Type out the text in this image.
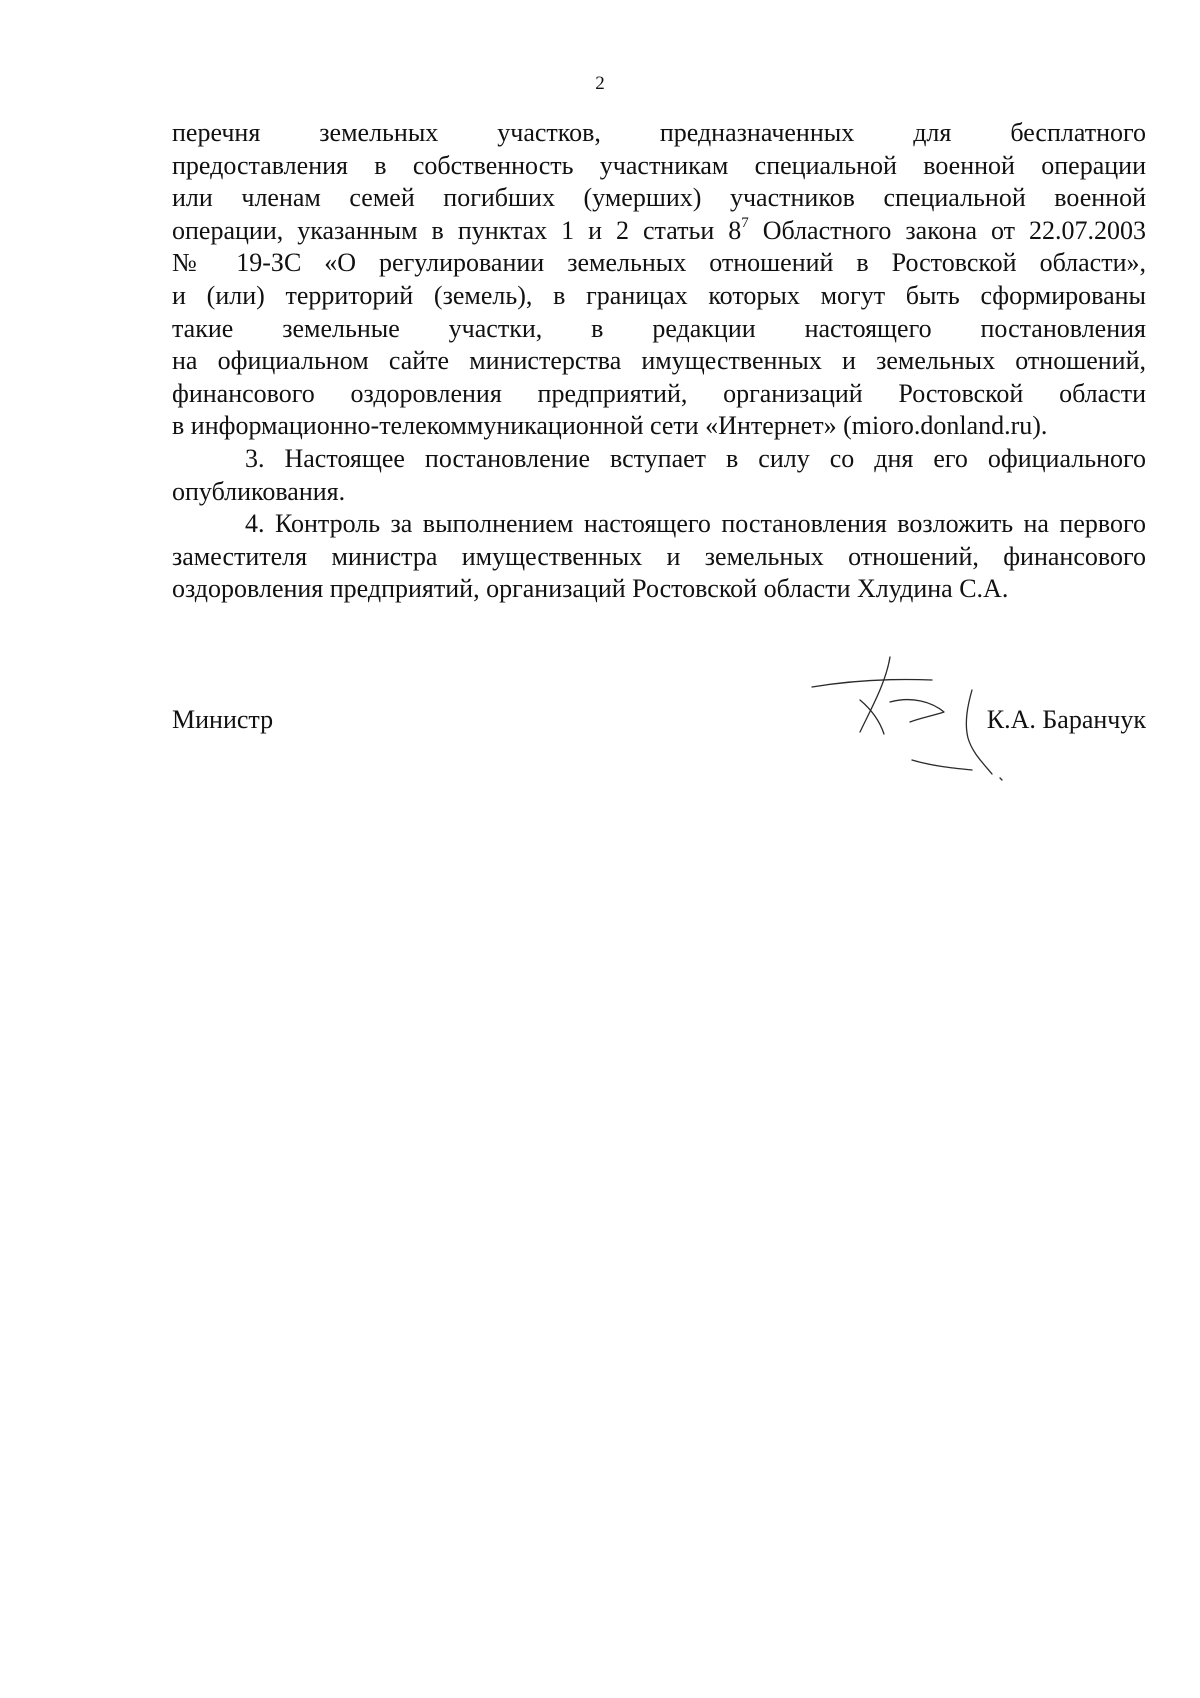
2
перечня земельных участков, предназначенных для бесплатного
предоставления в собственность участникам специальной военной операции
или членам семей погибших (умерших) участников специальной военной
операции, указанным в пунктах 1 и 2 статьи $8^7$ Областного закона от 22.07.2003
№ 19-ЗС «О регулировании земельных отношений в Ростовской области»,
и (или) территорий (земель), в границах которых могут быть сформированы
такие земельные участки, в редакции настоящего постановления
на официальном сайте министерства имущественных и земельных отношений,
финансового оздоровления предприятий, организаций Ростовской области
в информационно-телекоммуникационной сети «Интернет» (mioro.donland.ru).

3. Настоящее постановление вступает в силу со дня его официального опубликования.

4. Контроль за выполнением настоящего постановления возложить на первого заместителя министра имущественных и земельных отношений, финансового оздоровления предприятий, организаций Ростовской области Хлудина С.А.

Министр	К.А. Баранчук
